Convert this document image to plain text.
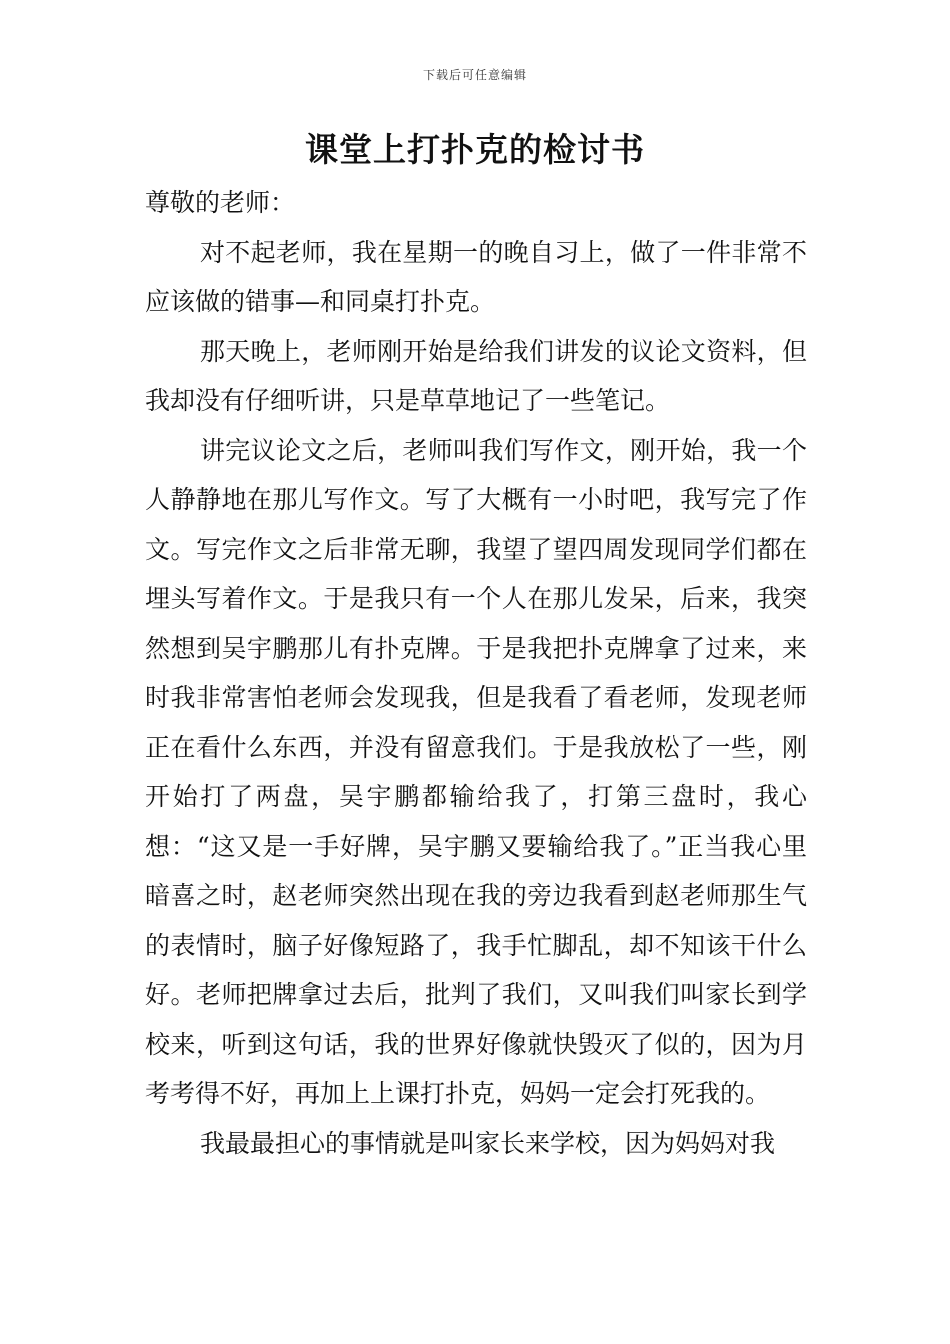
下载后可任意编辑
课堂上打扑克的检讨书

尊敬的老师：

对不起老师，我在星期一的晚自习上，做了一件非常不应该做的错事—和同桌打扑克。

那天晚上，老师刚开始是给我们讲发的议论文资料，但我却没有仔细听讲，只是草草地记了一些笔记。

讲完议论文之后，老师叫我们写作文，刚开始，我一个人静静地在那儿写作文。写了大概有一小时吧，我写完了作文。写完作文之后非常无聊，我望了望四周发现同学们都在埋头写着作文。于是我只有一个人在那儿发呆，后来，我突然想到吴宇鹏那儿有扑克牌。于是我把扑克牌拿了过来，来时我非常害怕老师会发现我，但是我看了看老师，发现老师正在看什么东西，并没有留意我们。于是我放松了一些，刚开始打了两盘，吴宇鹏都输给我了，打第三盘时，我心想：“这又是一手好牌，吴宇鹏又要输给我了。”正当我心里暗喜之时，赵老师突然出现在我的旁边我看到赵老师那生气的表情时，脑子好像短路了，我手忙脚乱，却不知该干什么好。老师把牌拿过去后，批判了我们，又叫我们叫家长到学校来，听到这句话，我的世界好像就快毁灭了似的，因为月考考得不好，再加上上课打扑克，妈妈一定会打死我的。

我最最担心的事情就是叫家长来学校，因为妈妈对我
